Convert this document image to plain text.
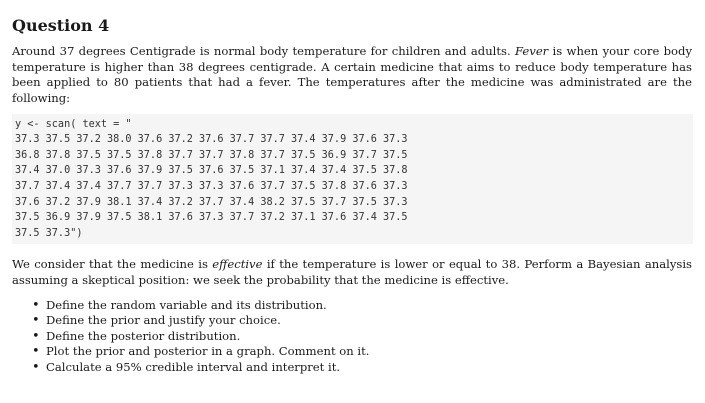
Question 4

Around 37 degrees Centigrade is normal body temperature for children and adults. Fever is when your core body temperature is higher than 38 degrees centigrade. A certain medicine that aims to reduce body temperature has been applied to 80 patients that had a fever. The temperatures after the medicine was administrated are the following:

y <- scan( text = "
37.3 37.5 37.2 38.0 37.6 37.2 37.6 37.7 37.7 37.4 37.9 37.6 37.3
36.8 37.8 37.5 37.5 37.8 37.7 37.7 37.8 37.7 37.5 36.9 37.7 37.5
37.4 37.0 37.3 37.6 37.9 37.5 37.6 37.5 37.1 37.4 37.4 37.5 37.8
37.7 37.4 37.4 37.7 37.7 37.3 37.3 37.6 37.7 37.5 37.8 37.6 37.3
37.6 37.2 37.9 38.1 37.4 37.2 37.7 37.4 38.2 37.5 37.7 37.5 37.3
37.5 36.9 37.9 37.5 38.1 37.6 37.3 37.7 37.2 37.1 37.6 37.4 37.5
37.5 37.3")

We consider that the medicine is effective if the temperature is lower or equal to 38. Perform a Bayesian analysis assuming a skeptical position: we seek the probability that the medicine is effective.

• Define the random variable and its distribution.
• Define the prior and justify your choice.
• Define the posterior distribution.
• Plot the prior and posterior in a graph. Comment on it.
• Calculate a 95% credible interval and interpret it.
